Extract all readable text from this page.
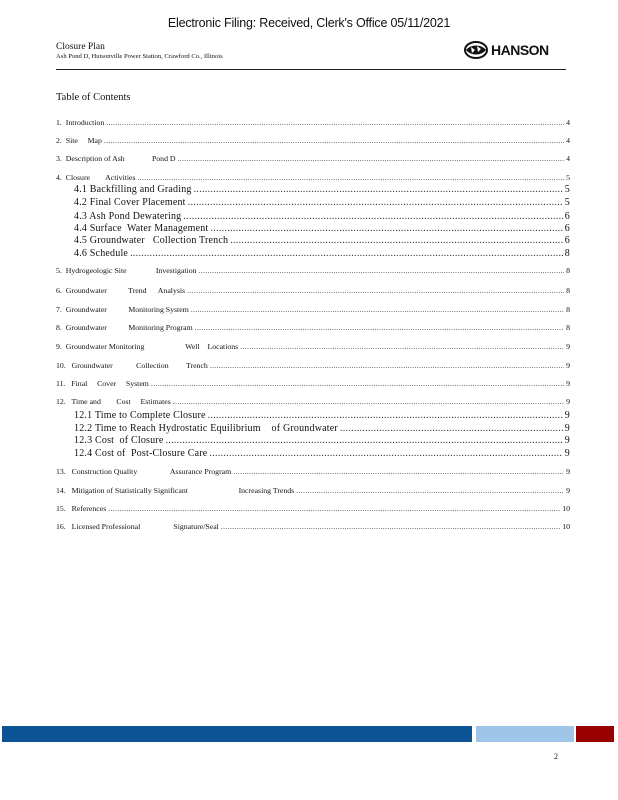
Electronic Filing: Received, Clerk's Office 05/11/2021
Closure Plan
Ash Pond D, Hutsonville Power Station, Crawford Co., Illinois	HANSON
Table of Contents
1.  Introduction .....	4
2.  Site     Map .....	4
3.  Description of Ash              Pond D .....	4
4.  Closure        Activities .....	5
4.1 Backfilling and Grading .....	5
4.2 Final Cover Placement .....	5
4.3 Ash Pond Dewatering .....	6
4.4 Surface  Water Management .....	6
4.5 Groundwater   Collection Trench .....	6
4.6 Schedule .....	8
5.  Hydrogeologic Site               Investigation .....	8
6.  Groundwater           Trend      Analysis .....	8
7.  Groundwater           Monitoring System .....	8
8.  Groundwater           Monitoring Program .....	8
9.  Groundwater Monitoring                     Well    Locations .....	9
10.   Groundwater            Collection         Trench .....	9
11.   Final     Cover     System .....	9
12.   Time and        Cost     Estimates .....	9
12.1 Time to Complete Closure .....	9
12.2 Time to Reach Hydrostatic Equilibrium    of Groundwater .....	9
12.3 Cost  of Closure .....	9
12.4 Cost of  Post-Closure Care .....	9
13.   Construction Quality                 Assurance Program .....	9
14.   Mitigation of Statistically Significant                          Increasing Trends .....	9
15.   References .....	10
16.   Licensed Professional                 Signature/Seal .....	10
2
